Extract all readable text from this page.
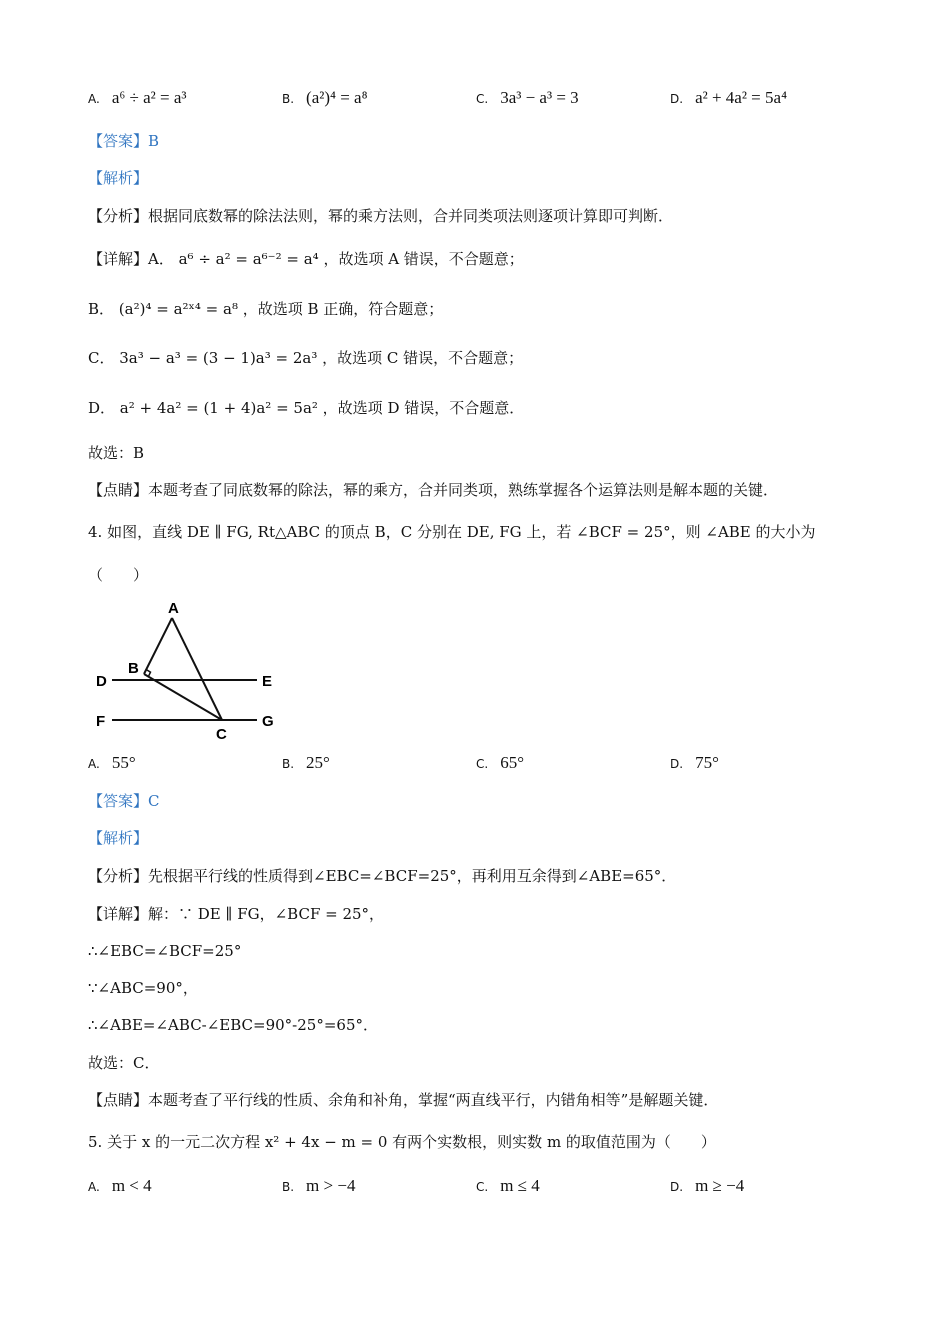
A. a⁶ ÷ a² = a³	B. (a²)⁴ = a⁸	C. 3a³ − a³ = 3	D. a² + 4a² = 5a⁴
【答案】B
【解析】
【分析】根据同底数幂的除法法则，幂的乘方法则，合并同类项法则逐项计算即可判断．
【详解】A． a⁶ ÷ a² = a⁶⁻² = a⁴ ，故选项 A 错误，不合题意；
B． (a²)⁴ = a²ˣ⁴ = a⁸ ，故选项 B 正确，符合题意；
C． 3a³ − a³ = (3 − 1)a³ = 2a³ ，故选项 C 错误，不合题意；
D． a² + 4a² = (1 + 4)a² = 5a² ，故选项 D 错误，不合题意．
故选：B
【点睛】本题考查了同底数幂的除法，幂的乘方，合并同类项，熟练掌握各个运算法则是解本题的关键．
4. 如图，直线 DE ∥ FG, Rt△ABC 的顶点 B，C 分别在 DE, FG 上，若 ∠BCF = 25°，则 ∠ABE 的大小为
（　　）
A
B
C
D	E
F	G
A. 55°	B. 25°	C. 65°	D. 75°
【答案】C
【解析】
【分析】先根据平行线的性质得到∠EBC=∠BCF=25°，再利用互余得到∠ABE=65°．
【详解】解：∵ DE ∥ FG，∠BCF = 25°，
∴∠EBC=∠BCF=25°
∵∠ABC=90°，
∴∠ABE=∠ABC-∠EBC=90°-25°=65°．
故选：C．
【点睛】本题考查了平行线的性质、余角和补角，掌握“两直线平行，内错角相等”是解题关键．
5. 关于 x 的一元二次方程 x² + 4x − m = 0 有两个实数根，则实数 m 的取值范围为（　　）
A. m < 4	B. m > −4	C. m ≤ 4	D. m ≥ −4
